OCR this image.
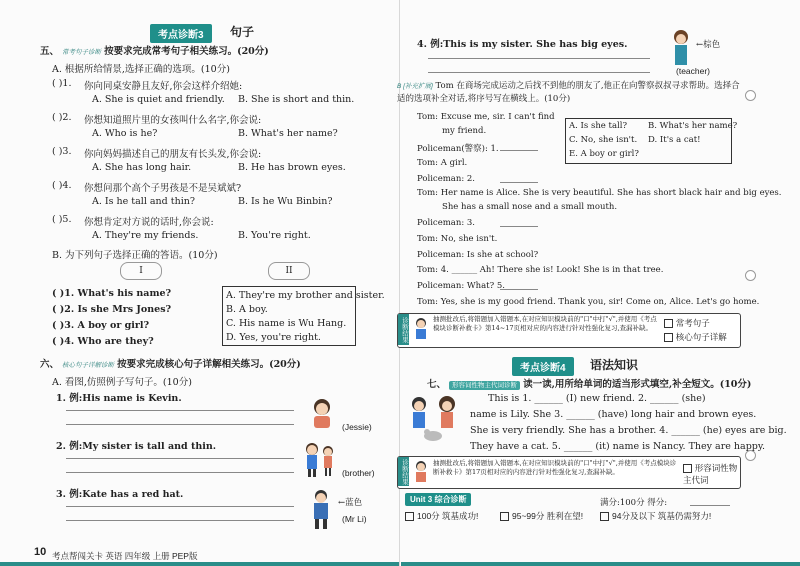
考点诊断3	句子
五、 常考句子诊断 按要求完成常考句子相关练习。(20分)
A. 根据所给情景,选择正确的选项。(10分)
( )1. 你向同桌安静且友好,你会这样介绍她:
A. She is quiet and friendly. B. She is short and thin.
( )2. 你想知道照片里的女孩叫什么名字,你会说:
A. Who is he?	B. What's her name?
( )3. 你向妈妈描述自己的朋友有长头发,你会说:
A. She has long hair.	B. He has brown eyes.
( )4. 你想问那个高个子男孩是不是吴斌斌?
A. Is he tall and thin?	B. Is he Wu Binbin?
( )5. 你想肯定对方说的话时,你会说:
A. They're my friends.	B. You're right.
B. 为下列句子选择正确的答语。(10分)
I	II
( )1. What's his name?
( )2. Is she Mrs Jones?
( )3. A boy or girl?
( )4. Who are they?
A. They're my brother and sister.
B. A boy.
C. His name is Wu Hang.
D. Yes, you're right.
六、 核心句子详解诊断 按要求完成核心句子详解相关练习。(20分)
A. 看图,仿照例子写句子。(10分)
1. 例:His name is Kevin.
2. 例:My sister is tall and thin.
3. 例:Kate has a red hat.
(Jessie)
(brother)
←蓝色
(Mr Li)
10 考点帮闯关卡 英语 四年级 上册 PEP版
4. 例:This is my sister. She has big eyes.	←棕色
(teacher)
B [补充扩展] Tom 在商场完成运动之后找不到他的朋友了,他正在向警察叔叔寻求帮助。选择合适的选项补全对话,将序号写在横线上。(10分)
A. Is she tall? B. What's her name?
C. No, she isn't. D. It's a cat!
E. A boy or girl?
Tom: Excuse me, sir. I can't find
my friend.
Policeman(警察): 1.
Tom: A girl.
Policeman: 2.
Tom: Her name is Alice. She is very beautiful. She has short black hair and big eyes.
She has a small nose and a small mouth.
Policeman: 3.
Tom: No, she isn't.
Policeman: Is she at school?
Tom: 4. ______ Ah! There she is! Look! She is in that tree.
Policeman: What? 5.
Tom: Yes, she is my good friend. Thank you, sir! Come on, Alice. Let's go home.
诊断结果	抽测批改后,将错题加入错题本,在对应知识模块前的"口"中打"√",并使用《考点模块诊断补救卡》第14~17页相对应的内容进行针对性强化复习,查漏补缺。	常考句子
核心句子详解
考点诊断4	语法知识
七、 形容词性物主代词诊断 读一读,用所给单词的适当形式填空,补全短文。(10分)
This is 1. ______ (I) new friend. 2. ______ (she)
name is Lily. She 3. ______ (have) long hair and brown eyes.
She is very friendly. She has a brother. 4. ______ (he) eyes are big.
They have a cat. 5. ______ (it) name is Nancy. They are happy.
诊断结果	抽测批改后,将错题加入错题本,在对应知识模块前的"口"中打"√",并使用《考点模块诊断补救卡》第17页相对应的内容进行针对性强化复习,查漏补缺。	形容词性物主代词
Unit 3 综合诊断	满分:100分 得分:
100分 筑基成功!	95~99分 胜利在望!	94分及以下 筑基仍需努力!
